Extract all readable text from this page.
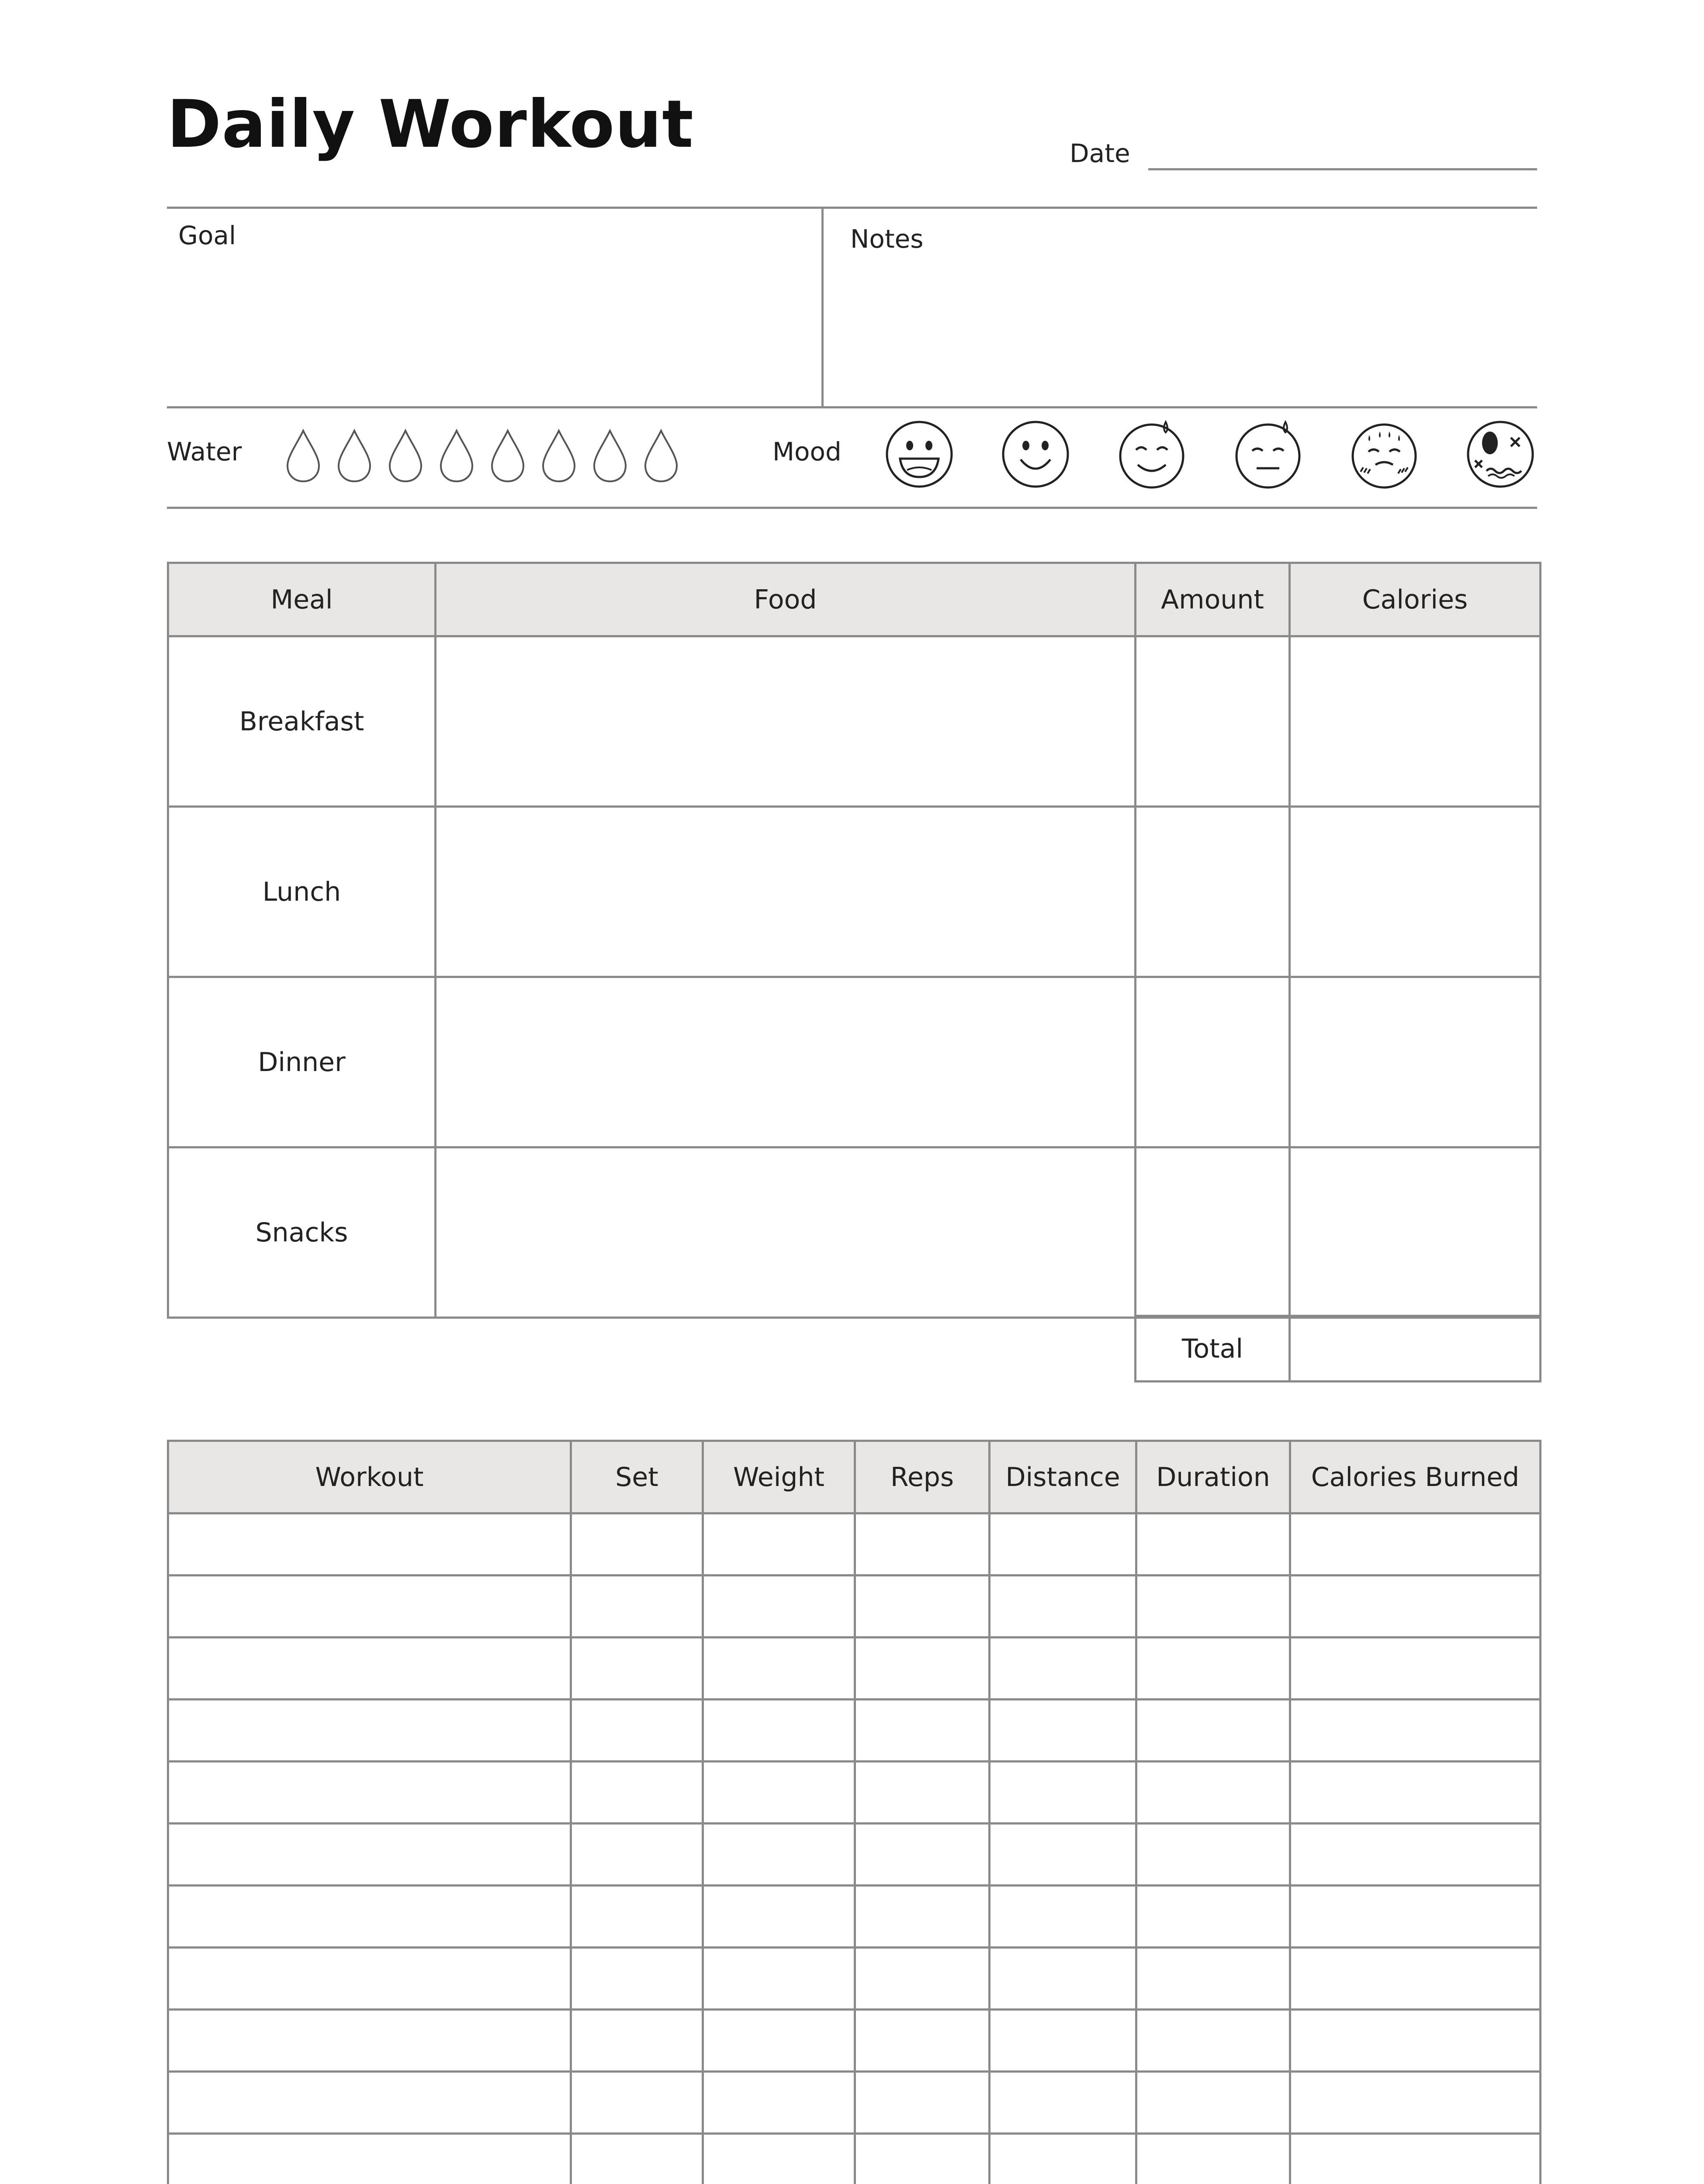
Daily Workout	Date
Goal	Notes
Water	Mood
Meal	Food	Amount	Calories
Breakfast			
Lunch			
Dinner			
Snacks			
Total	
Workout	Set	Weight	Reps	Distance	Duration	Calories Burned
